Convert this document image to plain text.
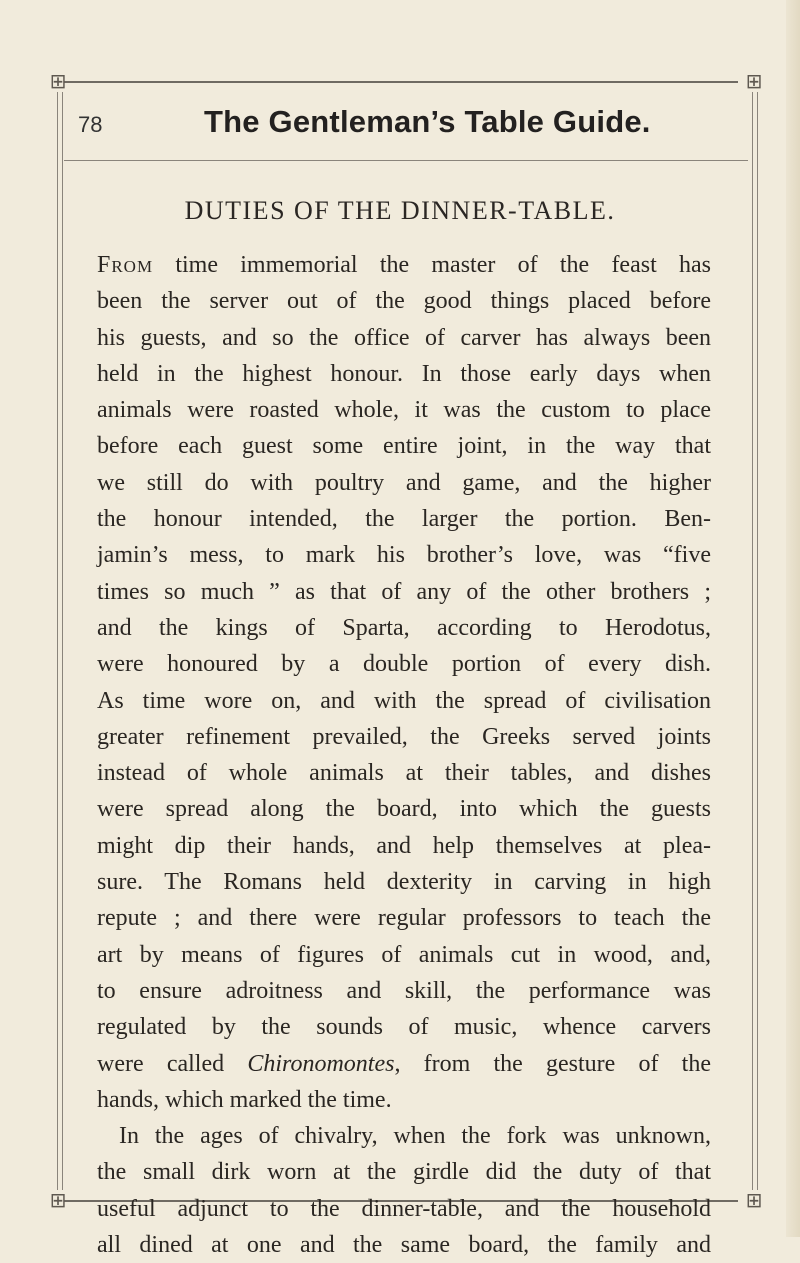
⊞	⊞
⊞	⊞
78	The Gentleman’s Table Guide.
DUTIES OF THE DINNER-TABLE.
From time immemorial the master of the feast has
been the server out of the good things placed before
his guests, and so the office of carver has always been
held in the highest honour. In those early days when
animals were roasted whole, it was the custom to place
before each guest some entire joint, in the way that
we still do with poultry and game, and the higher
the honour intended, the larger the portion. Ben-
jamin’s mess, to mark his brother’s love, was “five
times so much ” as that of any of the other brothers ;
and the kings of Sparta, according to Herodotus,
were honoured by a double portion of every dish.
As time wore on, and with the spread of civilisation
greater refinement prevailed, the Greeks served joints
instead of whole animals at their tables, and dishes
were spread along the board, into which the guests
might dip their hands, and help themselves at plea-
sure. The Romans held dexterity in carving in high
repute ; and there were regular professors to teach the
art by means of figures of animals cut in wood, and,
to ensure adroitness and skill, the performance was
regulated by the sounds of music, whence carvers
were called Chironomontes, from the gesture of the
hands, which marked the time.
In the ages of chivalry, when the fork was unknown,
the small dirk worn at the girdle did the duty of that
useful adjunct to the dinner-table, and the household
all dined at one and the same board, the family and
